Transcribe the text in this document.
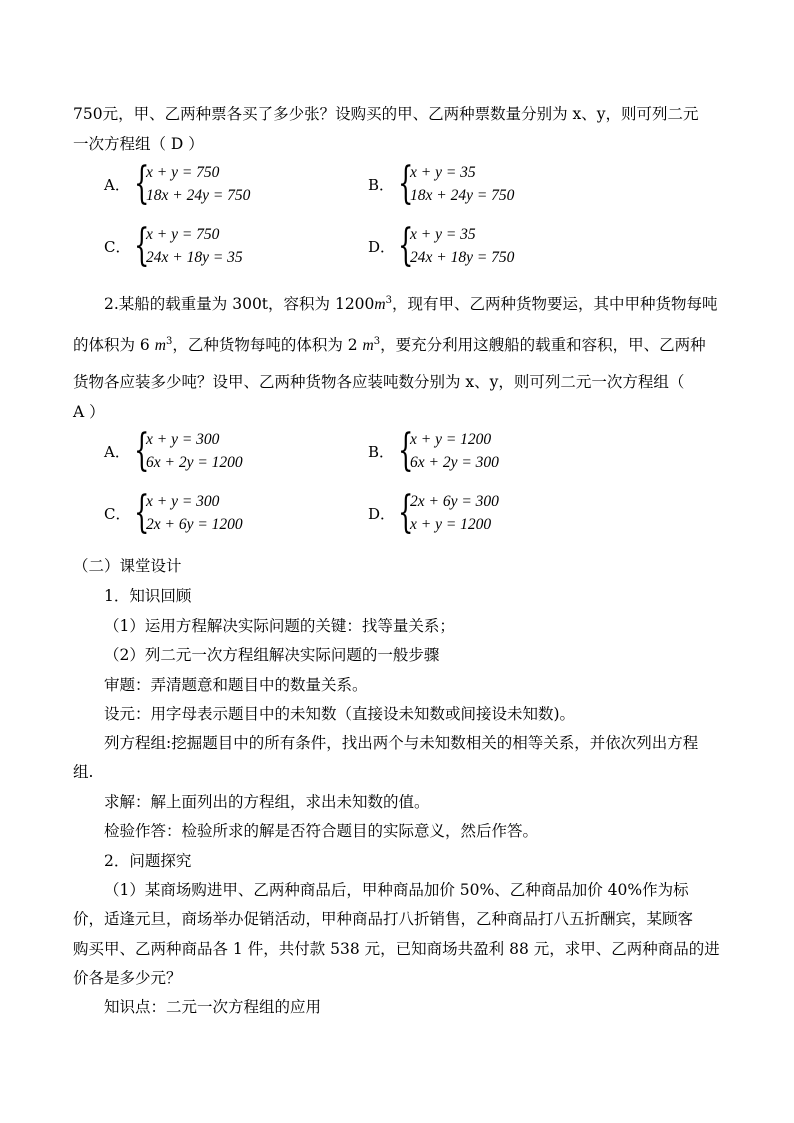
750元，甲、乙两种票各买了多少张？设购买的甲、乙两种票数量分别为 x、y，则可列二元
一次方程组（ D ）
A． {
x + y = 750
18x + 24y = 750
B． {
x + y = 35
18x + 24y = 750
C． {
x + y = 750
24x + 18y = 35
D． {
x + y = 35
24x + 18y = 750
2.某船的载重量为 300t，容积为 $1200m^3$，现有甲、乙两种货物要运，其中甲种货物每吨
的体积为 6 $m^3$，乙种货物每吨的体积为 2 $m^3$，要充分利用这艘船的载重和容积，甲、乙两种
货物各应装多少吨？设甲、乙两种货物各应装吨数分别为 x、y，则可列二元一次方程组（
A ）
A． {
x + y = 300
6x + 2y = 1200
B． {
x + y = 1200
6x + 2y = 300
C． {
x + y = 300
2x + 6y = 1200
D． {
2x + 6y = 300
x + y = 1200
（二）课堂设计
1．知识回顾
（1）运用方程解决实际问题的关键：找等量关系；
（2）列二元一次方程组解决实际问题的一般步骤
审题：弄清题意和题目中的数量关系。
设元：用字母表示题目中的未知数（直接设未知数或间接设未知数)。
列方程组:挖掘题目中的所有条件，找出两个与未知数相关的相等关系，并依次列出方程
组.
求解：解上面列出的方程组，求出未知数的值。
检验作答：检验所求的解是否符合题目的实际意义，然后作答。
2．问题探究
（1）某商场购进甲、乙两种商品后，甲种商品加价 50%、乙种商品加价 40%作为标
价，适逢元旦，商场举办促销活动，甲种商品打八折销售，乙种商品打八五折酬宾，某顾客
购买甲、乙两种商品各 1 件，共付款 538 元，已知商场共盈利 88 元，求甲、乙两种商品的进
价各是多少元？
知识点：二元一次方程组的应用
